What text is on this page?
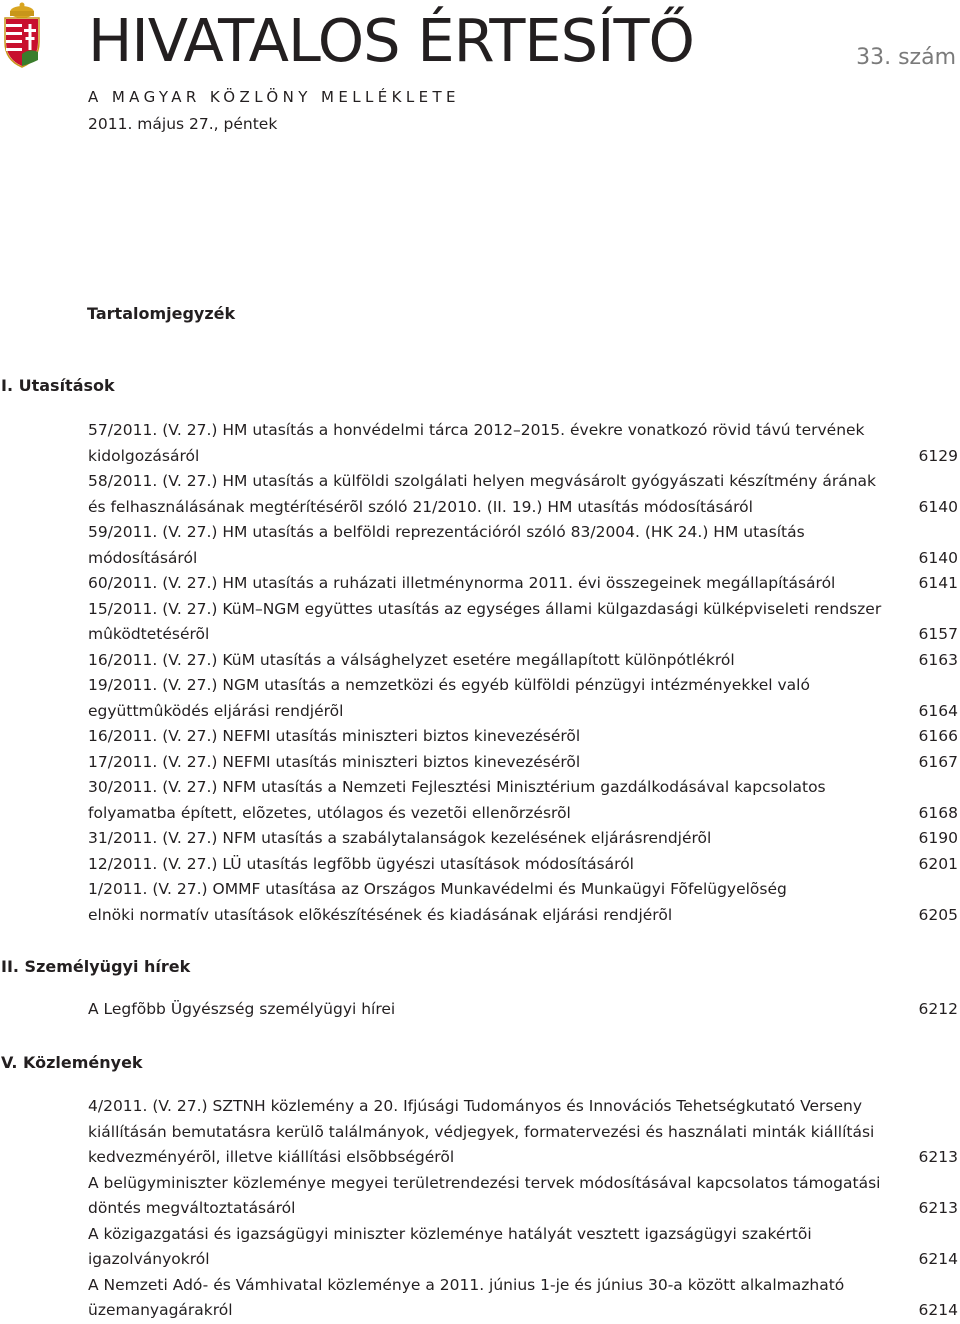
HIVATALOS ÉRTESÍTŐ	33. szám
A MAGYAR KÖZLÖNY MELLÉKLETE
2011. május 27., péntek
Tartalomjegyzék
I. Utasítások
57/2011. (V. 27.) HM utasítás a honvédelmi tárca 2012–2015. évekre vonatkozó rövid távú tervének
kidolgozásáról	6129
58/2011. (V. 27.) HM utasítás a külföldi szolgálati helyen megvásárolt gyógyászati készítmény árának
és felhasználásának megtérítésérõl szóló 21/2010. (II. 19.) HM utasítás módosításáról	6140
59/2011. (V. 27.) HM utasítás a belföldi reprezentációról szóló 83/2004. (HK 24.) HM utasítás
módosításáról	6140
60/2011. (V. 27.) HM utasítás a ruházati illetménynorma 2011. évi összegeinek megállapításáról	6141
15/2011. (V. 27.) KüM–NGM együttes utasítás az egységes állami külgazdasági külképviseleti rendszer
mûködtetésérõl	6157
16/2011. (V. 27.) KüM utasítás a válsághelyzet esetére megállapított különpótlékról	6163
19/2011. (V. 27.) NGM utasítás a nemzetközi és egyéb külföldi pénzügyi intézményekkel való
együttmûködés eljárási rendjérõl	6164
16/2011. (V. 27.) NEFMI utasítás miniszteri biztos kinevezésérõl	6166
17/2011. (V. 27.) NEFMI utasítás miniszteri biztos kinevezésérõl	6167
30/2011. (V. 27.) NFM utasítás a Nemzeti Fejlesztési Minisztérium gazdálkodásával kapcsolatos
folyamatba épített, elõzetes, utólagos és vezetõi ellenõrzésrõl	6168
31/2011. (V. 27.) NFM utasítás a szabálytalanságok kezelésének eljárásrendjérõl	6190
12/2011. (V. 27.) LÜ utasítás legfõbb ügyészi utasítások módosításáról	6201
1/2011. (V. 27.) OMMF utasítása az Országos Munkavédelmi és Munkaügyi Fõfelügyelõség
elnöki normatív utasítások elõkészítésének és kiadásának eljárási rendjérõl	6205
II. Személyügyi hírek
A Legfõbb Ügyészség személyügyi hírei	6212
V. Közlemények
4/2011. (V. 27.) SZTNH közlemény a 20. Ifjúsági Tudományos és Innovációs Tehetségkutató Verseny
kiállításán bemutatásra kerülõ találmányok, védjegyek, formatervezési és használati minták kiállítási
kedvezményérõl, illetve kiállítási elsõbbségérõl	6213
A belügyminiszter közleménye megyei területrendezési tervek módosításával kapcsolatos támogatási
döntés megváltoztatásáról	6213
A közigazgatási és igazságügyi miniszter közleménye hatályát vesztett igazságügyi szakértõi
igazolványokról	6214
A Nemzeti Adó- és Vámhivatal közleménye a 2011. június 1-je és június 30-a között alkalmazható
üzemanyagárakról	6214
